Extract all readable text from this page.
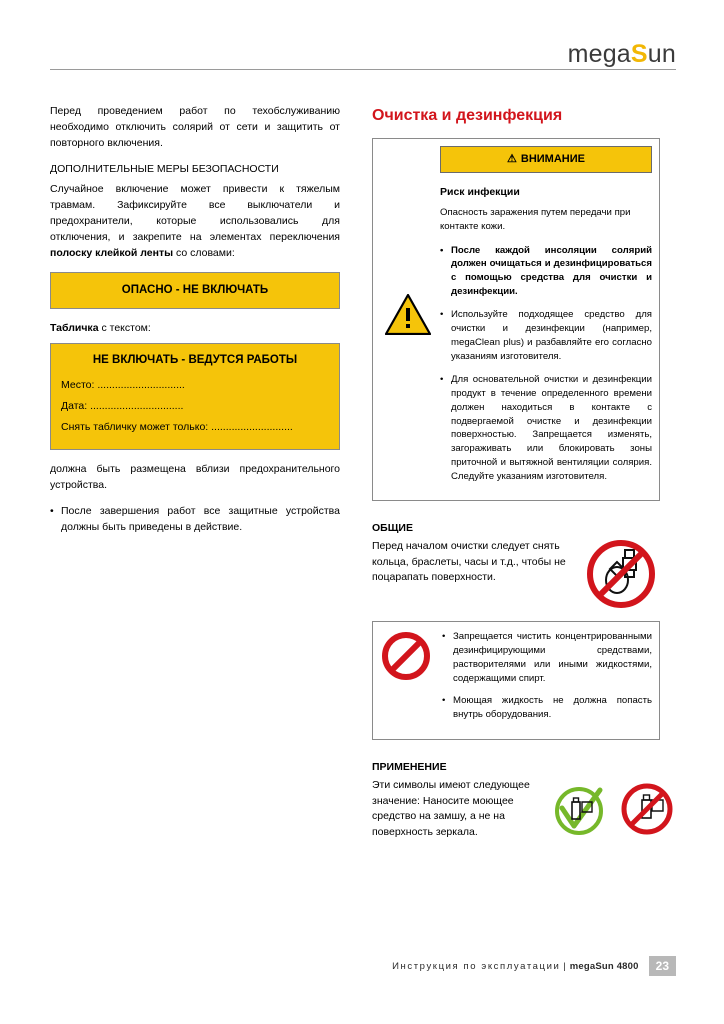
megaSun

Перед проведением работ по техобслуживанию необходимо отключить солярий от сети и защитить от повторного включения.

ДОПОЛНИТЕЛЬНЫЕ МЕРЫ БЕЗОПАСНОСТИ

Случайное включение может привести к тяжелым травмам. Зафиксируйте все выключатели и предохранители, которые использовались для отключения, и закрепите на элементах переключения полоску клейкой ленты со словами:

ОПАСНО - НЕ ВКЛЮЧАТЬ

Табличка с текстом:

НЕ ВКЛЮЧАТЬ - ВЕДУТСЯ РАБОТЫ
Место: ..............................
Дата: ................................
Снять табличку может только: ............................

должна быть размещена вблизи предохранительного устройства.

• После завершения работ все защитные устройства должны быть приведены в действие.
Очистка и дезинфекция
⚠ ВНИМАНИЕ

Риск инфекции

Опасность заражения путем передачи при контакте кожи.

• После каждой инсоляции солярий должен очищаться и дезинфицироваться с помощью средства для очистки и дезинфекции.
• Используйте подходящее средство для очистки и дезинфекции (например, megaClean plus) и разбавляйте его согласно указаниям изготовителя.
• Для основательной очистки и дезинфекции продукт в течение определенного времени должен находиться в контакте с подвергаемой очистке и дезинфекции поверхностью. Запрещается изменять, загораживать или блокировать зоны приточной и вытяжной вентиляции солярия. Следуйте указаниям изготовителя.
ОБЩИЕ
Перед началом очистки следует снять кольца, браслеты, часы и т.д., чтобы не поцарапать поверхности.
• Запрещается чистить концентрированными дезинфицирующими средствами, растворителями или иными жидкостями, содержащими спирт.
• Моющая жидкость не должна попасть внутрь оборудования.
ПРИМЕНЕНИЕ
Эти символы имеют следующее значение: Наносите моющее средство на замшу, а не на поверхность зеркала.
Инструкция по эксплуатации | megaSun 4800	23
